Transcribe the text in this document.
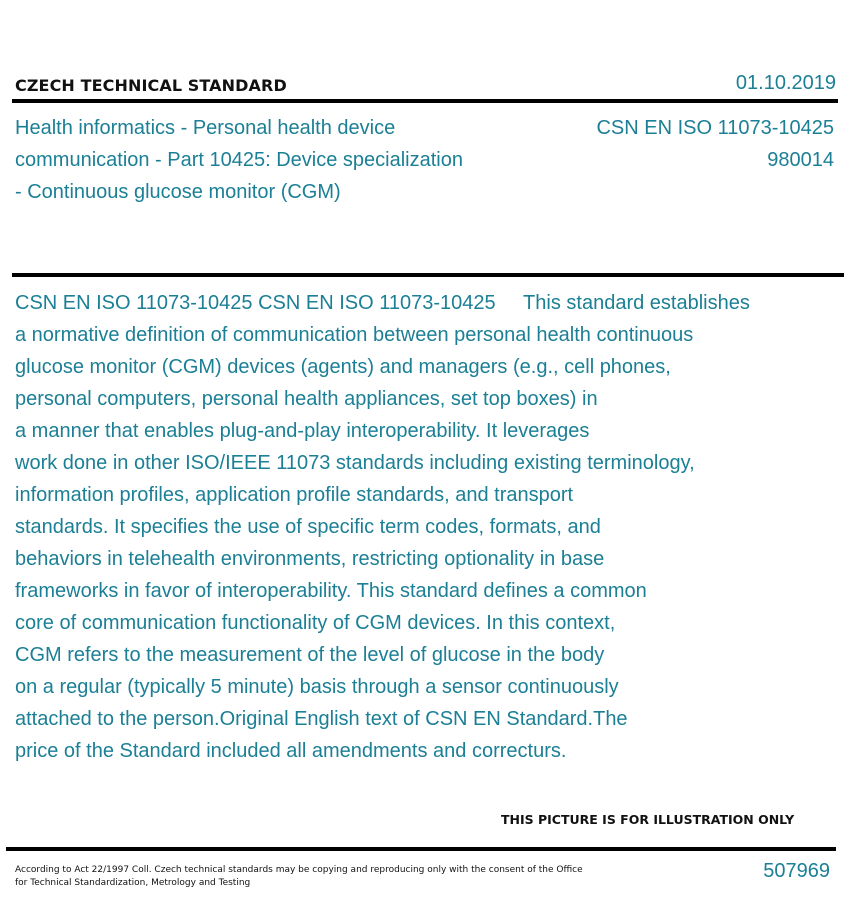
CZECH TECHNICAL STANDARD	01.10.2019
Health informatics - Personal health device
communication - Part 10425: Device specialization
- Continuous glucose monitor (CGM)
CSN EN ISO 11073-10425
980014
CSN EN ISO 11073-10425 CSN EN ISO 11073-10425     This standard establishes
a normative definition of communication between personal health continuous
glucose monitor (CGM) devices (agents) and managers (e.g., cell phones,
personal computers, personal health appliances, set top boxes) in
a manner that enables plug-and-play interoperability. It leverages
work done in other ISO/IEEE 11073 standards including existing terminology,
information profiles, application profile standards, and transport
standards. It specifies the use of specific term codes, formats, and
behaviors in telehealth environments, restricting optionality in base
frameworks in favor of interoperability. This standard defines a common
core of communication functionality of CGM devices. In this context,
CGM refers to the measurement of the level of glucose in the body
on a regular (typically 5 minute) basis through a sensor continuously
attached to the person.Original English text of CSN EN Standard.The
price of the Standard included all amendments and correcturs.
THIS PICTURE IS FOR ILLUSTRATION ONLY
According to Act 22/1997 Coll. Czech technical standards may be copying and reproducing only with the consent of the Office
for Technical Standardization, Metrology and Testing
507969
